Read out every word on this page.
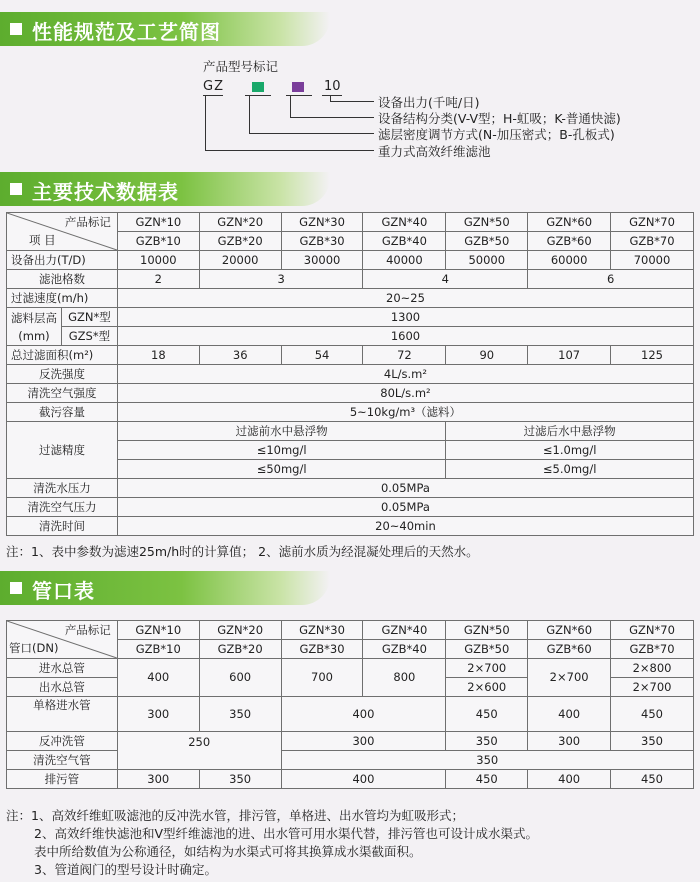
性能规范及工艺简图
产品型号标记
GZ	10
设备出力(千吨/日)
设备结构分类(V-V型；H-虹吸；K-普通快滤)
滤层密度调节方式(N-加压密式；B-孔板式)
重力式高效纤维滤池
主要技术数据表
产品标记
项 目		GZN*10	GZN*20	GZN*30	GZN*40	GZN*50	GZN*60	GZN*70
		GZB*10	GZB*20	GZB*30	GZB*40	GZB*50	GZB*60	GZB*70
设备出力(T/D)		10000	20000	30000	40000	50000	60000	70000
滤池格数		2	3		4		6	
过滤速度(m/h)		20~25						
滤料层高(mm)	GZN*型	1300						
	GZS*型	1600						
总过滤面积(m²)		18	36	54	72	90	107	125
反洗强度		4L/s.m²						
清洗空气强度		80L/s.m²						
截污容量		5~10kg/m³（滤料）						
过滤精度		过滤前水中悬浮物				过滤后水中悬浮物		
		≤10mg/l				≤1.0mg/l		
		≤50mg/l				≤5.0mg/l		
清洗水压力		0.05MPa						
清洗空气压力		0.05MPa						
清洗时间		20~40min						
注：1、表中参数为滤速25m/h时的计算值； 2、滤前水质为经混凝处理后的天然水。
管口表
产品标记
管口(DN)	GZN*10	GZN*20	GZN*30	GZN*40	GZN*50	GZN*60	GZN*70
	GZB*10	GZB*20	GZB*30	GZB*40	GZB*50	GZB*60	GZB*70
进水总管	400	600	700	800	2×700	2×700	2×800
出水总管					2×600		2×700
单格进水管	300	350	400		450	400	450
反冲洗管	250		300		350	300	350
清洗空气管			350				
排污管	300	350	400		450	400	450
注：1、高效纤维虹吸滤池的反冲洗水管，排污管，单格进、出水管均为虹吸形式；
2、高效纤维快滤池和V型纤维滤池的进、出水管可用水渠代替，排污管也可设计成水渠式。
表中所给数值为公称通径，如结构为水渠式可将其换算成水渠截面积。
3、管道阀门的型号设计时确定。
